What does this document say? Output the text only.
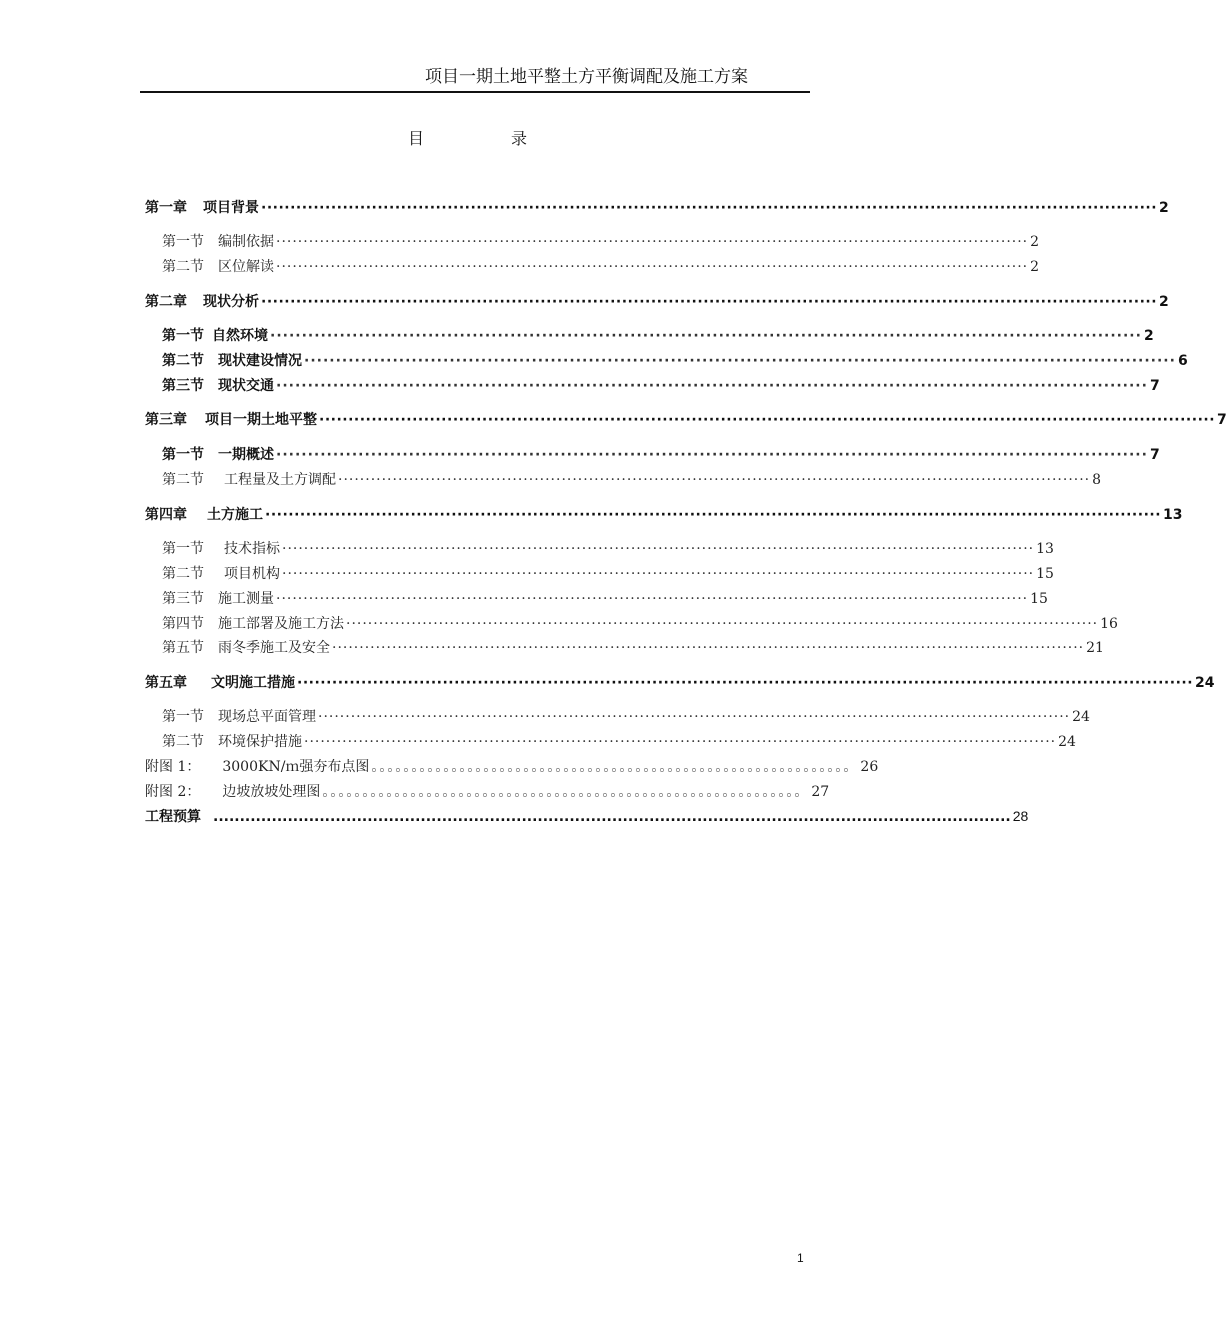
项目一期土地平整土方平衡调配及施工方案
目	录
第一章 项目背景 ·························································································································································· 2
第一节 编制依据 ·········································································································································· 2
第二节 区位解读 ·········································································································································· 2
第二章 现状分析 ·························································································································································· 2
第一节 自然环境 ·········································································································································· 2
第二节 现状建设情况 ·········································································································································· 6
第三节 现状交通 ·········································································································································· 7
第三章 项目一期土地平整 ·························································································································································· 7
第一节 一期概述 ·········································································································································· 7
第二节 工程量及土方调配 ·········································································································································· 8
第四章 土方施工 ·························································································································································· 13
第一节 技术指标 ·········································································································································· 13
第二节 项目机构 ·········································································································································· 15
第三节 施工测量 ·········································································································································· 15
第四节 施工部署及施工方法 ·········································································································································· 16
第五节 雨冬季施工及安全 ·········································································································································· 21
第五章 文明施工措施 ·························································································································································· 24
第一节 现场总平面管理 ·········································································································································· 24
第二节 环境保护措施 ·········································································································································· 24
附图 1： 3000KN/ｍ强夯布点图 。。。。。。。。。。。。。。。。。。。。。。。。。。。。。。。。。。。。。。。。。。。。。。。。。。。。。。。。。。。。 26
附图 2： 边坡放坡处理图 。。。。。。。。。。。。。。。。。。。。。。。。。。。。。。。。。。。。。。。。。。。。。。。。。。。。。。。。。。。。 27
工程预算 ...................................................................................................................................................... 28
1
